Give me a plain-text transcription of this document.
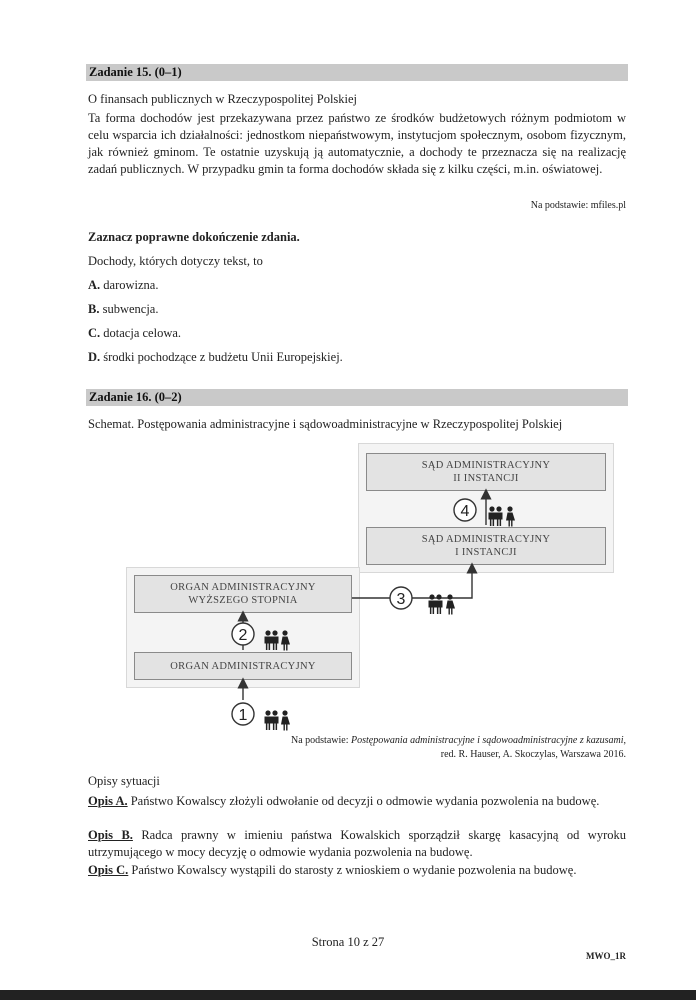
Zadanie 15. (0–1)
O finansach publicznych w Rzeczypospolitej Polskiej
Ta forma dochodów jest przekazywana przez państwo ze środków budżetowych różnym podmiotom w celu wsparcia ich działalności: jednostkom niepaństwowym, instytucjom społecznym, osobom fizycznym, jak również gminom. Te ostatnie uzyskują ją automatycznie, a dochody te przeznacza się na realizację zadań publicznych. W przypadku gmin ta forma dochodów składa się z kilku części, m.in. oświatowej.
Na podstawie: mfiles.pl
Zaznacz poprawne dokończenie zdania.
Dochody, których dotyczy tekst, to
A. darowizna.
B. subwencja.
C. dotacja celowa.
D. środki pochodzące z budżetu Unii Europejskiej.
Zadanie 16. (0–2)
Schemat. Postępowania administracyjne i sądowoadministracyjne w Rzeczypospolitej Polskiej
SĄD ADMINISTRACYJNY
II INSTANCJI
SĄD ADMINISTRACYJNY
I INSTANCJI
ORGAN ADMINISTRACYJNY
WYŻSZEGO STOPNIA
ORGAN ADMINISTRACYJNY
1
2
3
4
Na podstawie: Postępowania administracyjne i sądowoadministracyjne z kazusami,
red. R. Hauser, A. Skoczylas, Warszawa 2016.
Opisy sytuacji
Opis A. Państwo Kowalscy złożyli odwołanie od decyzji o odmowie wydania pozwolenia na budowę.
Opis B. Radca prawny w imieniu państwa Kowalskich sporządził skargę kasacyjną od wyroku utrzymującego w mocy decyzję o odmowie wydania pozwolenia na budowę.
Opis C. Państwo Kowalscy wystąpili do starosty z wnioskiem o wydanie pozwolenia na budowę.
Strona 10 z 27
MWO_1R
